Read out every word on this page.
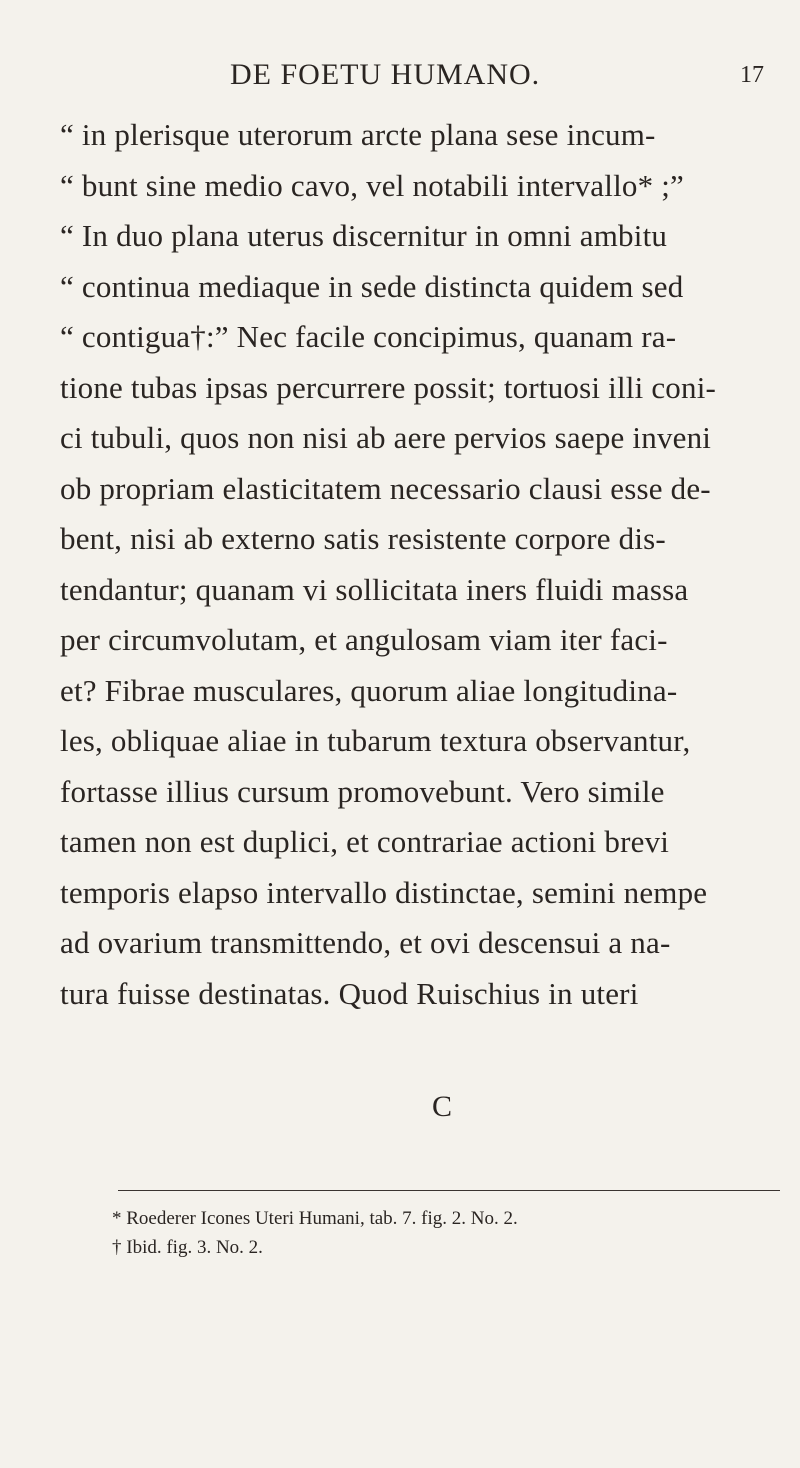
DE FOETU HUMANO.	17
“ in plerisque uterorum arcte plana sese incum-
“ bunt sine medio cavo, vel notabili intervallo* ;”
“ In duo plana uterus discernitur in omni ambitu
“ continua mediaque in sede distincta quidem sed
“ contigua†:” Nec facile concipimus, quanam ra-
tione tubas ipsas percurrere possit; tortuosi illi coni-
ci tubuli, quos non nisi ab aere pervios saepe inveni
ob propriam elasticitatem necessario clausi esse de-
bent, nisi ab externo satis resistente corpore dis-
tendantur; quanam vi sollicitata iners fluidi massa
per circumvolutam, et angulosam viam iter faci-
et? Fibrae musculares, quorum aliae longitudina-
les, obliquae aliae in tubarum textura observantur,
fortasse illius cursum promovebunt. Vero simile
tamen non est duplici, et contrariae actioni brevi
temporis elapso intervallo distinctae, semini nempe
ad ovarium transmittendo, et ovi descensui a na-
tura fuisse destinatas. Quod Ruischius in uteri
C
* Roederer Icones Uteri Humani, tab. 7. fig. 2. No. 2.
† Ibid. fig. 3. No. 2.
